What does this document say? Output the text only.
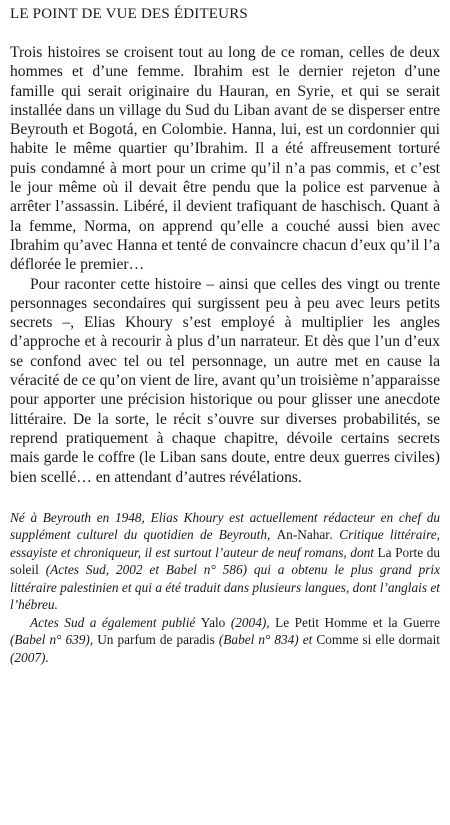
LE POINT DE VUE DES ÉDITEURS

Trois histoires se croisent tout au long de ce roman, celles de deux hommes et d’une femme. Ibrahim est le dernier rejeton d’une famille qui serait originaire du Hauran, en Syrie, et qui se serait installée dans un village du Sud du Liban avant de se disperser entre Beyrouth et Bogotá, en Colombie. Hanna, lui, est un cordonnier qui habite le même quartier qu’Ibrahim. Il a été affreusement torturé puis condamné à mort pour un crime qu’il n’a pas commis, et c’est le jour même où il devait être pendu que la police est parvenue à arrêter l’assassin. Libéré, il devient trafiquant de haschisch. Quant à la femme, Norma, on apprend qu’elle a couché aussi bien avec Ibrahim qu’avec Hanna et tenté de convaincre chacun d’eux qu’il l’a déflorée le premier…

Pour raconter cette histoire – ainsi que celles des vingt ou trente personnages secondaires qui surgissent peu à peu avec leurs petits secrets –, Elias Khoury s’est employé à multiplier les angles d’approche et à recourir à plus d’un narrateur. Et dès que l’un d’eux se confond avec tel ou tel personnage, un autre met en cause la véracité de ce qu’on vient de lire, avant qu’un troisième n’apparaisse pour apporter une précision historique ou pour glisser une anecdote littéraire. De la sorte, le récit s’ouvre sur diverses probabilités, se reprend pratiquement à chaque chapitre, dévoile certains secrets mais garde le coffre (le Liban sans doute, entre deux guerres civiles) bien scellé… en attendant d’autres révélations.

Né à Beyrouth en 1948, Elias Khoury est actuellement rédacteur en chef du supplément culturel du quotidien de Beyrouth, An-Nahar. Critique littéraire, essayiste et chroniqueur, il est surtout l’auteur de neuf romans, dont La Porte du soleil (Actes Sud, 2002 et Babel n° 586) qui a obtenu le plus grand prix littéraire palestinien et qui a été traduit dans plusieurs langues, dont l’anglais et l’hébreu.

Actes Sud a également publié Yalo (2004), Le Petit Homme et la Guerre (Babel n° 639), Un parfum de paradis (Babel n° 834) et Comme si elle dormait (2007).
